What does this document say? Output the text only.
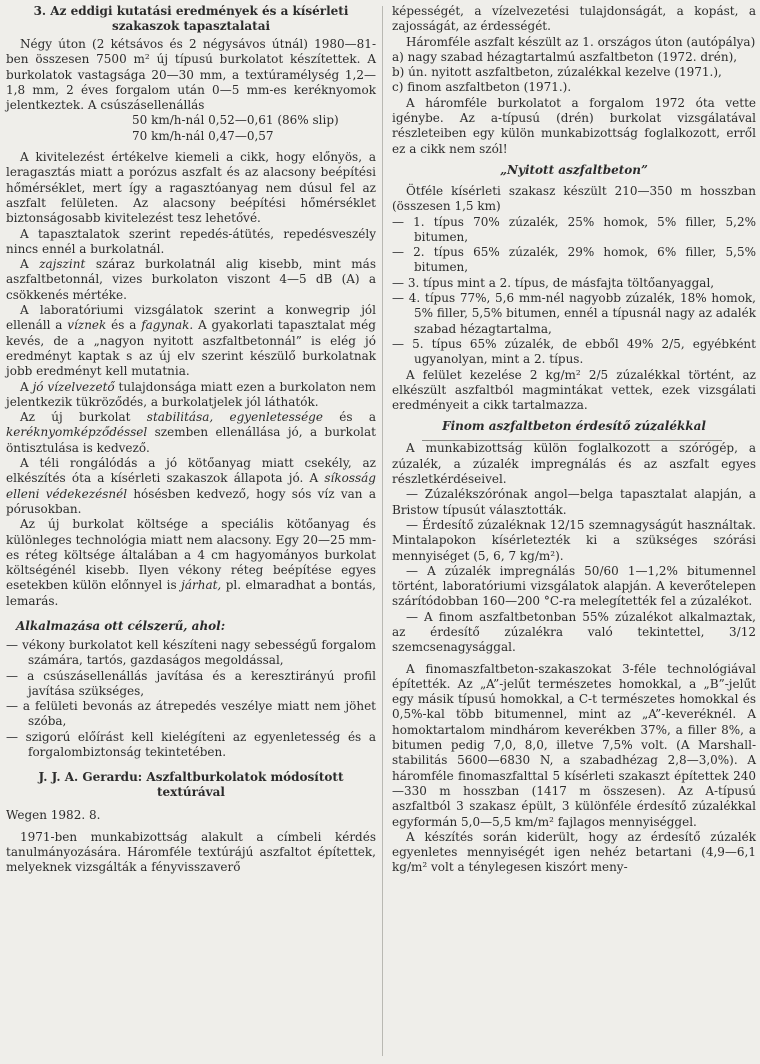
3. Az eddigi kutatási eredmények és a kísérleti szakaszok tapasztalatai

Négy úton (2 kétsávos és 2 négysávos útnál) 1980—81-ben összesen 7500 m² új típusú burkolatot készítettek. A burkolatok vastagsága 20—30 mm, a textúramélység 1,2—1,8 mm, 2 éves forgalom után 0—5 mm-es keréknyomok jelentkeztek. A csúszásellenállás

50 km/h-nál 0,52—0,61 (86% slip)
70 km/h-nál 0,47—0,57

A kivitelezést értékelve kiemeli a cikk, hogy előnyös, a leragasztás miatt a porózus aszfalt és az alacsony beépítési hőmérséklet, mert így a ragasztóanyag nem dúsul fel az aszfalt felületen. Az alacsony beépítési hőmérséklet biztonságosabb kivitelezést tesz lehetővé.

A tapasztalatok szerint repedés-átütés, repedésveszély nincs ennél a burkolatnál.

A zajszint száraz burkolatnál alig kisebb, mint más aszfaltbetonnál, vizes burkolaton viszont 4—5 dB (A) a csökkenés mértéke.

A laboratóriumi vizsgálatok szerint a konwegrip jól ellenáll a víznek és a fagynak. A gyakorlati tapasztalat még kevés, de a „nagyon nyitott aszfaltbetonnál” is elég jó eredményt kaptak s az új elv szerint készülő burkolatnak jobb eredményt kell mutatnia.

A jó vízelvezető tulajdonsága miatt ezen a burkolaton nem jelentkezik tükröződés, a burkolatjelek jól láthatók.

Az új burkolat stabilitása, egyenletessége és a keréknyomképződéssel szemben ellenállása jó, a burkolat öntisztulása is kedvező.

A téli rongálódás a jó kötőanyag miatt csekély, az elkészítés óta a kísérleti szakaszok állapota jó. A síkosság elleni védekezésnél hósésben kedvező, hogy sós víz van a pórusokban.

Az új burkolat költsége a speciális kötőanyag és különleges technológia miatt nem alacsony. Egy 20—25 mm-es réteg költsége általában a 4 cm hagyományos burkolat költségénél kisebb. Ilyen vékony réteg beépítése egyes esetekben külön előnnyel is járhat, pl. elmaradhat a bontás, lemarás.

Alkalmazása ott célszerű, ahol:
— vékony burkolatot kell készíteni nagy sebességű forgalom számára, tartós, gazdaságos megoldással,
— a csúszásellenállás javítása és a keresztirányú profil javítása szükséges,
— a felületi bevonás az átrepedés veszélye miatt nem jöhet szóba,
— szigorú előírást kell kielégíteni az egyenletesség és a forgalombiztonság tekintetében.
J. J. A. Gerardu: Aszfaltburkolatok módosított textúrával
Wegen 1982. 8.

1971-ben munkabizottság alakult a címbeli kérdés tanulmányozására. Háromféle textúrájú aszfaltot építettek, melyeknek vizsgálták a fényvisszaverő

képességét, a vízelvezetési tulajdonságát, a kopást, a zajosságát, az érdességét.

Háromféle aszfalt készült az 1. országos úton (autópálya)

a) nagy szabad hézagtartalmú aszfaltbeton (1972. drén),
b) ún. nyitott aszfaltbeton, zúzalékkal kezelve (1971.),
c) finom aszfaltbeton (1971.).

A háromféle burkolatot a forgalom 1972 óta vette igénybe. Az a-típusú (drén) burkolat vizsgálatával részleteiben egy külön munkabizottság foglalkozott, erről ez a cikk nem szól!

„Nyitott aszfaltbeton”

Ötféle kísérleti szakasz készült 210—350 m hosszban (összesen 1,5 km)

— 1. típus 70% zúzalék, 25% homok, 5% filler, 5,2% bitumen,
— 2. típus 65% zúzalék, 29% homok, 6% filler, 5,5% bitumen,
— 3. típus mint a 2. típus, de másfajta töltőanyaggal,
— 4. típus 77%, 5,6 mm-nél nagyobb zúzalék, 18% homok, 5% filler, 5,5% bitumen, ennél a típusnál nagy az adalék szabad hézagtartalma,
— 5. típus 65% zúzalék, de ebből 49% 2/5, egyébként ugyanolyan, mint a 2. típus.

A felület kezelése 2 kg/m² 2/5 zúzalékkal történt, az elkészült aszfaltból magmintákat vettek, ezek vizsgálati eredményeit a cikk tartalmazza.

Finom aszfaltbeton érdesítő zúzalékkal

A munkabizottság külön foglalkozott a szórógép, a zúzalék, a zúzalék impregnálás és az aszfalt egyes részletkérdéseivel.

— Zúzalékszórónak angol—belga tapasztalat alapján, a Bristow típusút választották.

— Érdesítő zúzaléknak 12/15 szemnagyságút használtak. Mintalapokon kísérletezték ki a szükséges szórási mennyiséget (5, 6, 7 kg/m²).

— A zúzalék impregnálás 50/60 1—1,2% bitumennel történt, laboratóriumi vizsgálatok alapján. A keverőtelepen szárítódobban 160—200 °C-ra melegítették fel a zúzalékot.

— A finom aszfaltbetonban 55% zúzalékot alkalmaztak, az érdesítő zúzalékra való tekintettel, 3/12 szemcsenagysággal.

A finomaszfaltbeton-szakaszokat 3-féle technológiával építették. Az „A”-jelűt természetes homokkal, a „B”-jelűt egy másik típusú homokkal, a C-t természetes homokkal és 0,5%-kal több bitumennel, mint az „A”-keveréknél. A homoktartalom mindhárom keverékben 37%, a filler 8%, a bitumen pedig 7,0, 8,0, illetve 7,5% volt. (A Marshall-stabilitás 5600—6830 N, a szabadhézag 2,8—3,0%). A háromféle finomaszfalttal 5 kísérleti szakaszt építettek 240—330 m hosszban (1417 m összesen). Az A-típusú aszfaltból 3 szakasz épült, 3 különféle érdesítő zúzalékkal egyformán 5,0—5,5 km/m² fajlagos mennyiséggel.

A készítés során kiderült, hogy az érdesítő zúzalék egyenletes mennyiségét igen nehéz betartani (4,9—6,1 kg/m² volt a ténylegesen kiszórt meny-
